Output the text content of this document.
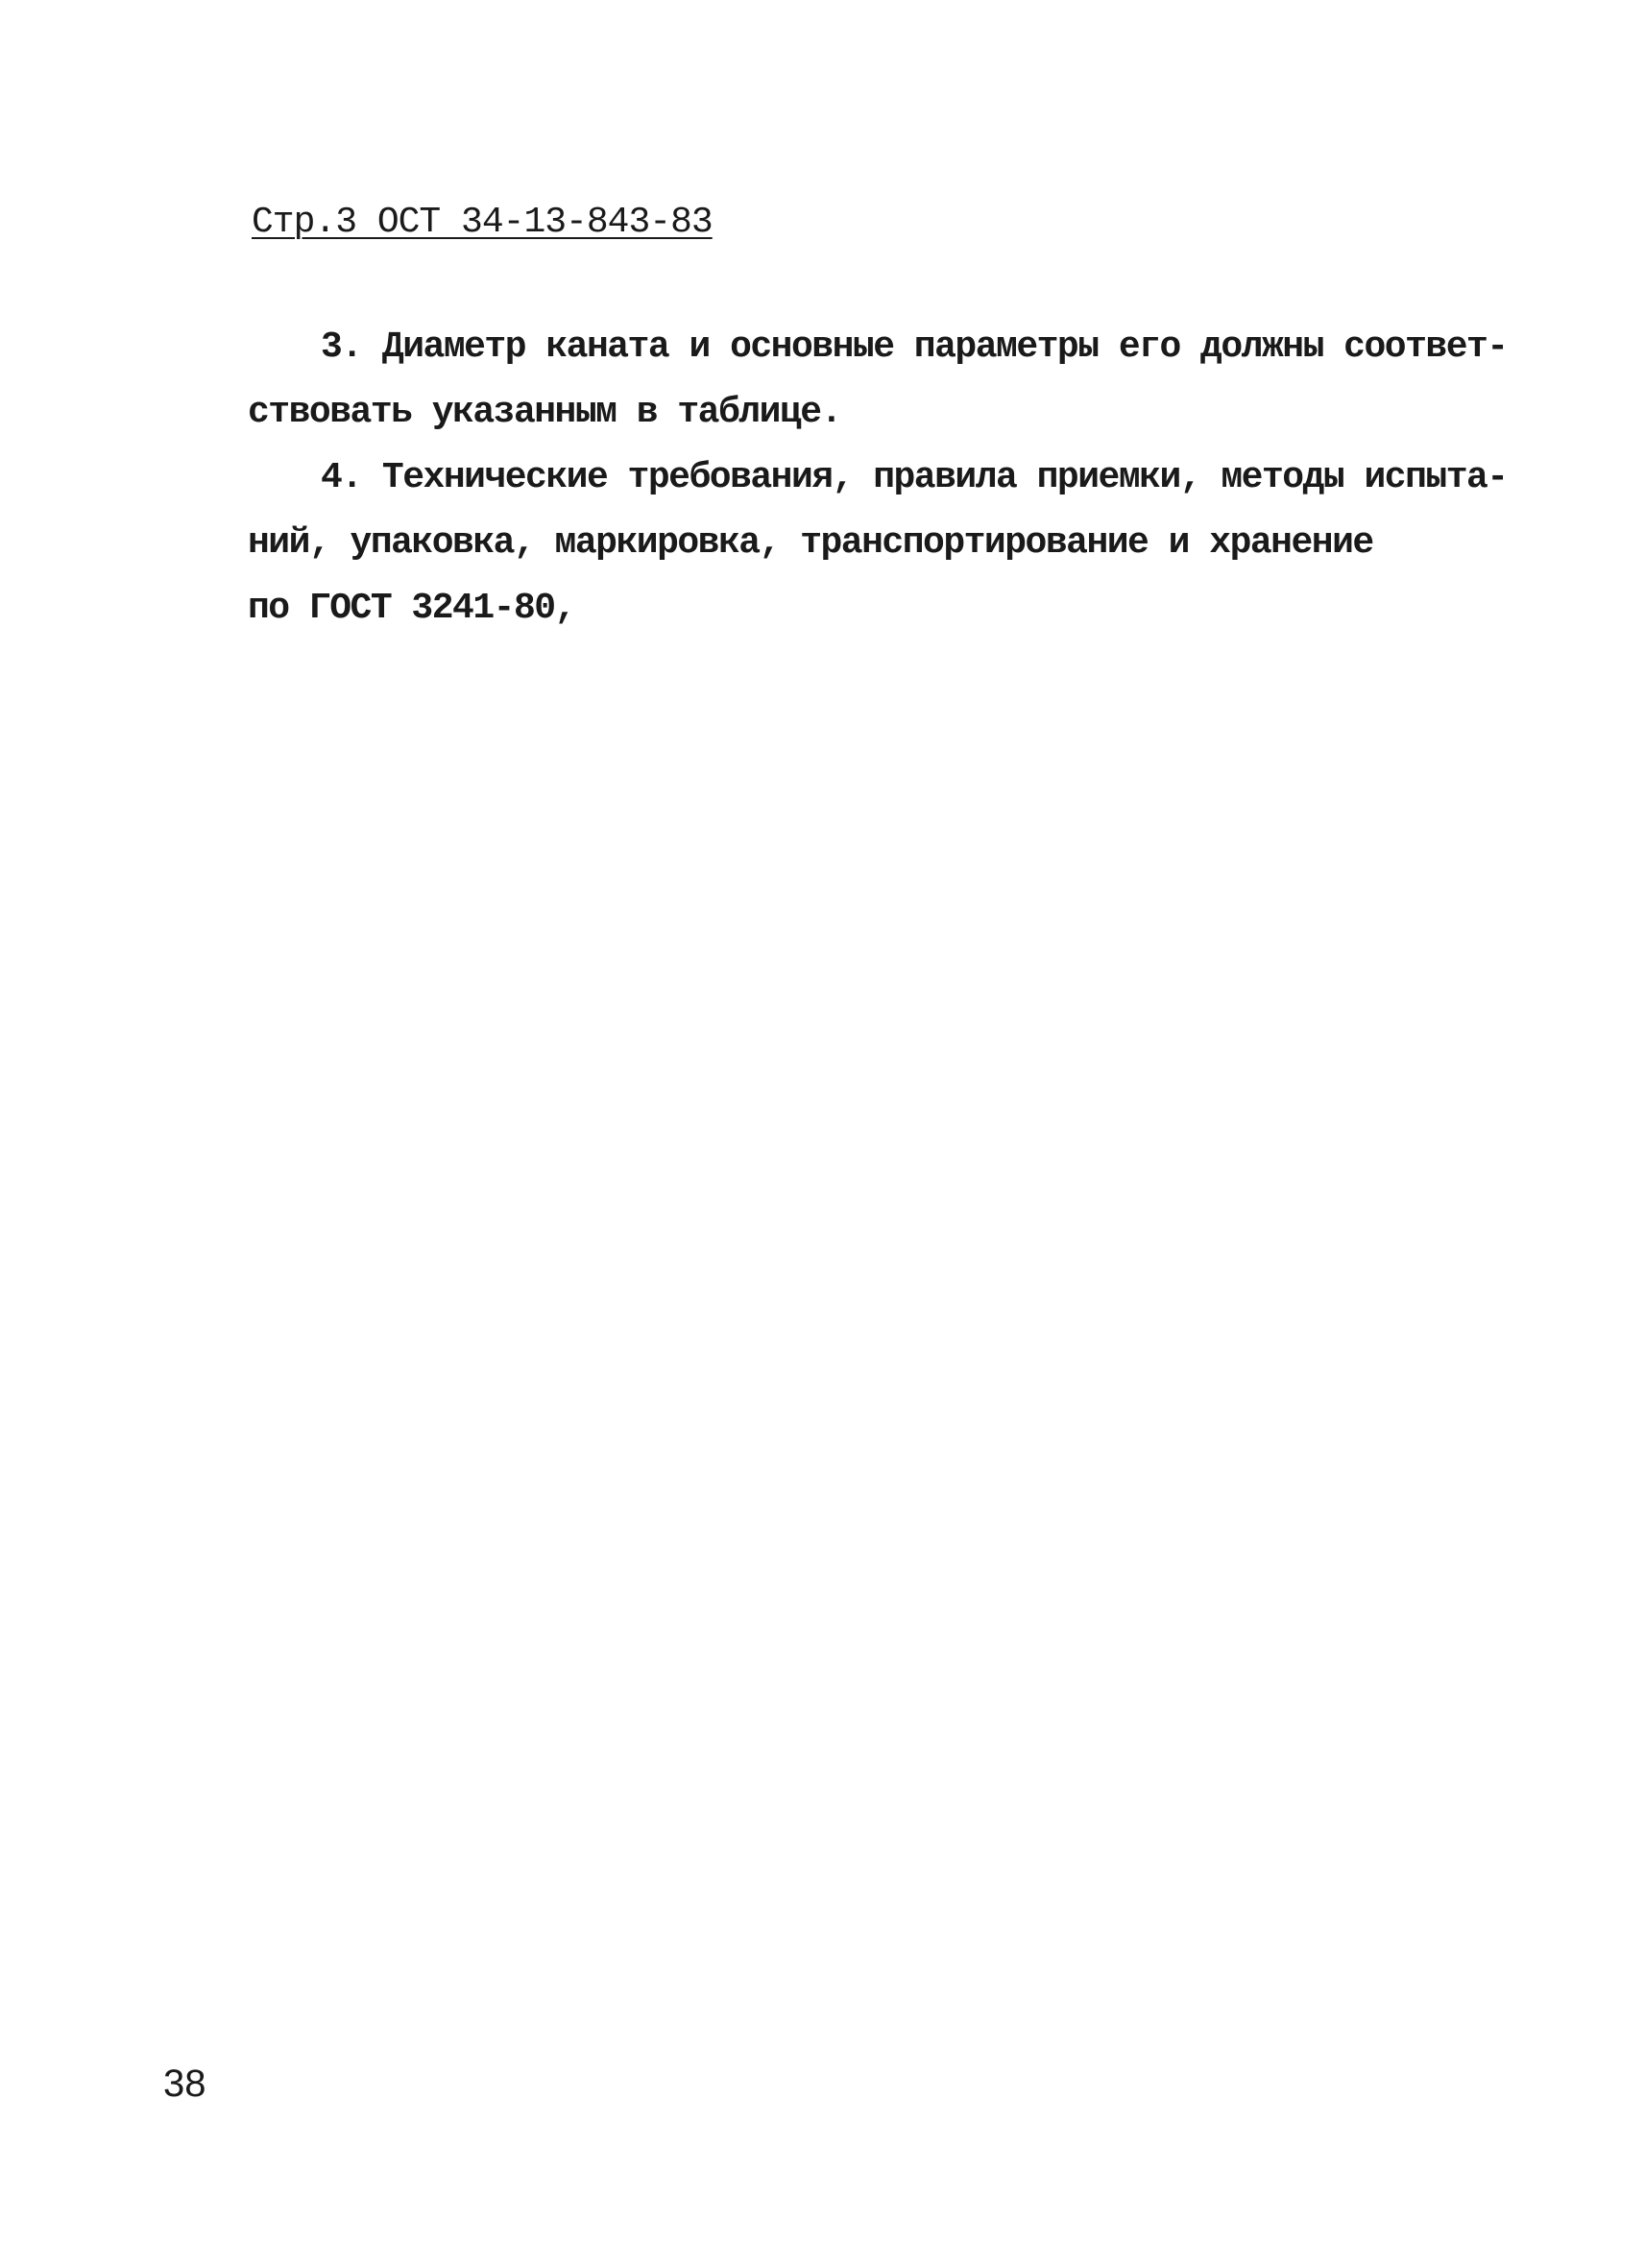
Стр.3 ОСТ 34-13-843-83
3. Диаметр каната и основные параметры его должны соответ-
ствовать указанным в таблице.
4. Технические требования, правила приемки, методы испыта-
ний, упаковка, маркировка, транспортирование и хранение
по ГОСТ 3241-80,
38
